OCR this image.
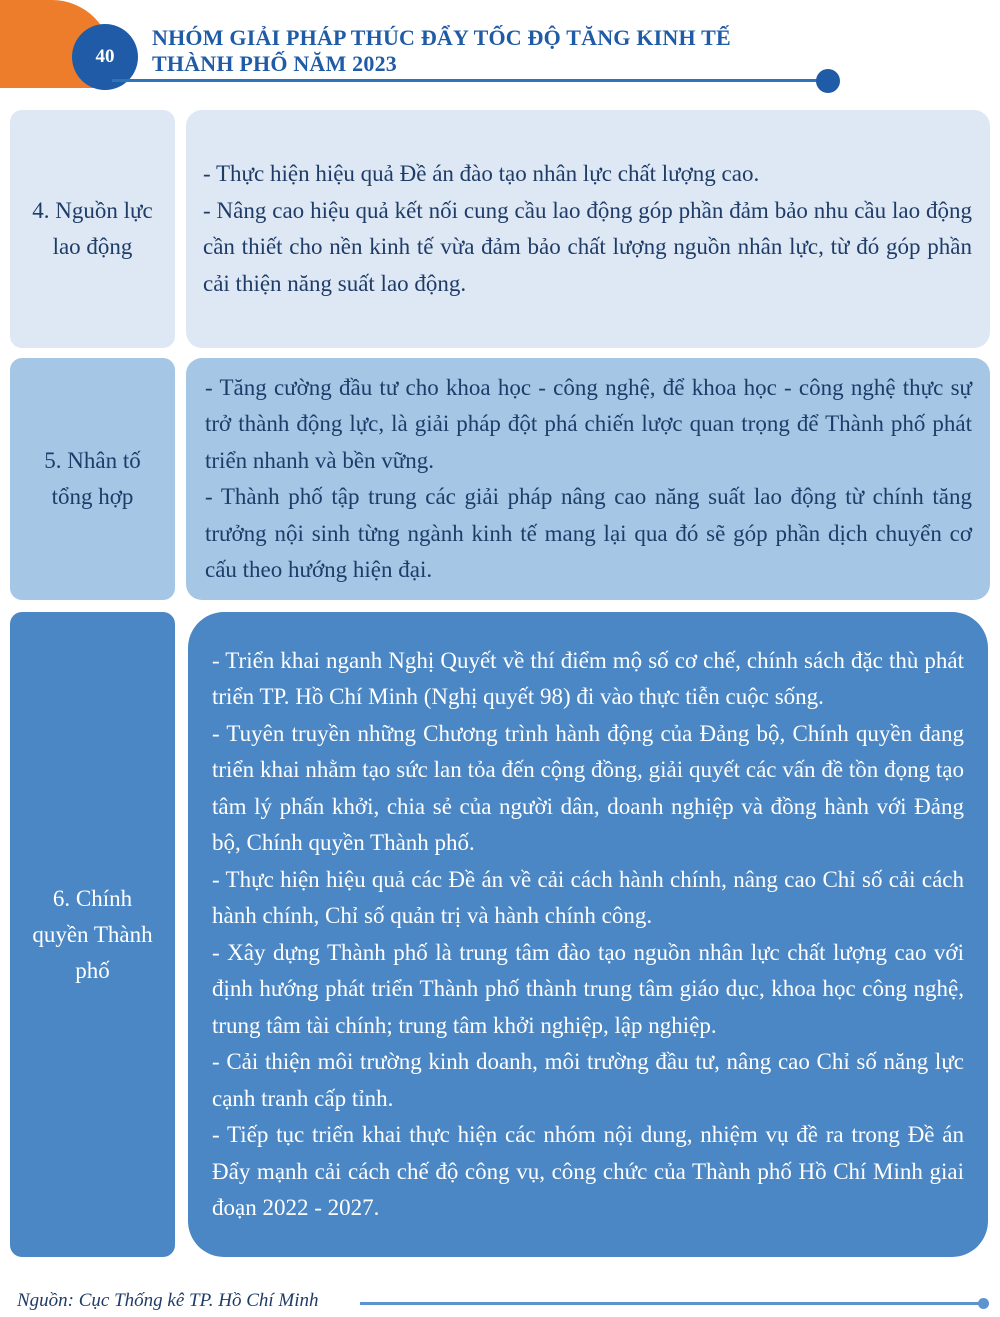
40
NHÓM GIẢI PHÁP THÚC ĐẨY TỐC ĐỘ TĂNG KINH TẾ
THÀNH PHỐ NĂM 2023
4. Nguồn lực
lao động

- Thực hiện hiệu quả Đề án đào tạo nhân lực chất lượng cao.

- Nâng cao hiệu quả kết nối cung cầu lao động góp phần đảm bảo nhu cầu lao động cần thiết cho nền kinh tế vừa đảm bảo chất lượng nguồn nhân lực, từ đó góp phần cải thiện năng suất lao động.

5. Nhân tố
tổng hợp

- Tăng cường đầu tư cho khoa học - công nghệ, để khoa học - công nghệ thực sự trở thành động lực, là giải pháp đột phá chiến lược quan trọng để Thành phố phát triển nhanh và bền vững.

- Thành phố tập trung các giải pháp nâng cao năng suất lao động từ chính tăng trưởng nội sinh từng ngành kinh tế mang lại qua đó sẽ góp phần dịch chuyển cơ cấu theo hướng hiện đại.

6. Chính
quyền Thành
phố

- Triển khai nganh Nghị Quyết về thí điểm mộ số cơ chế, chính sách đặc thù phát triển TP. Hồ Chí Minh (Nghị quyết 98) đi vào thực tiễn cuộc sống.

- Tuyên truyền những Chương trình hành động của Đảng bộ, Chính quyền đang triển khai nhằm tạo sức lan tỏa đến cộng đồng, giải quyết các vấn đề tồn đọng tạo tâm lý phấn khởi, chia sẻ của người dân, doanh nghiệp và đồng hành với Đảng bộ, Chính quyền Thành phố.

- Thực hiện hiệu quả các Đề án về cải cách hành chính, nâng cao Chỉ số cải cách hành chính, Chỉ số quản trị và hành chính công.

- Xây dựng Thành phố là trung tâm đào tạo nguồn nhân lực chất lượng cao với định hướng phát triển Thành phố thành trung tâm giáo dục, khoa học công nghệ, trung tâm tài chính; trung tâm khởi nghiệp, lập nghiệp.

- Cải thiện môi trường kinh doanh, môi trường đầu tư, nâng cao Chỉ số năng lực cạnh tranh cấp tỉnh.

- Tiếp tục triển khai thực hiện các nhóm nội dung, nhiệm vụ đề ra trong Đề án Đẩy mạnh cải cách chế độ công vụ, công chức của Thành phố Hồ Chí Minh giai đoạn 2022 - 2027.

Nguồn: Cục Thống kê TP. Hồ Chí Minh
